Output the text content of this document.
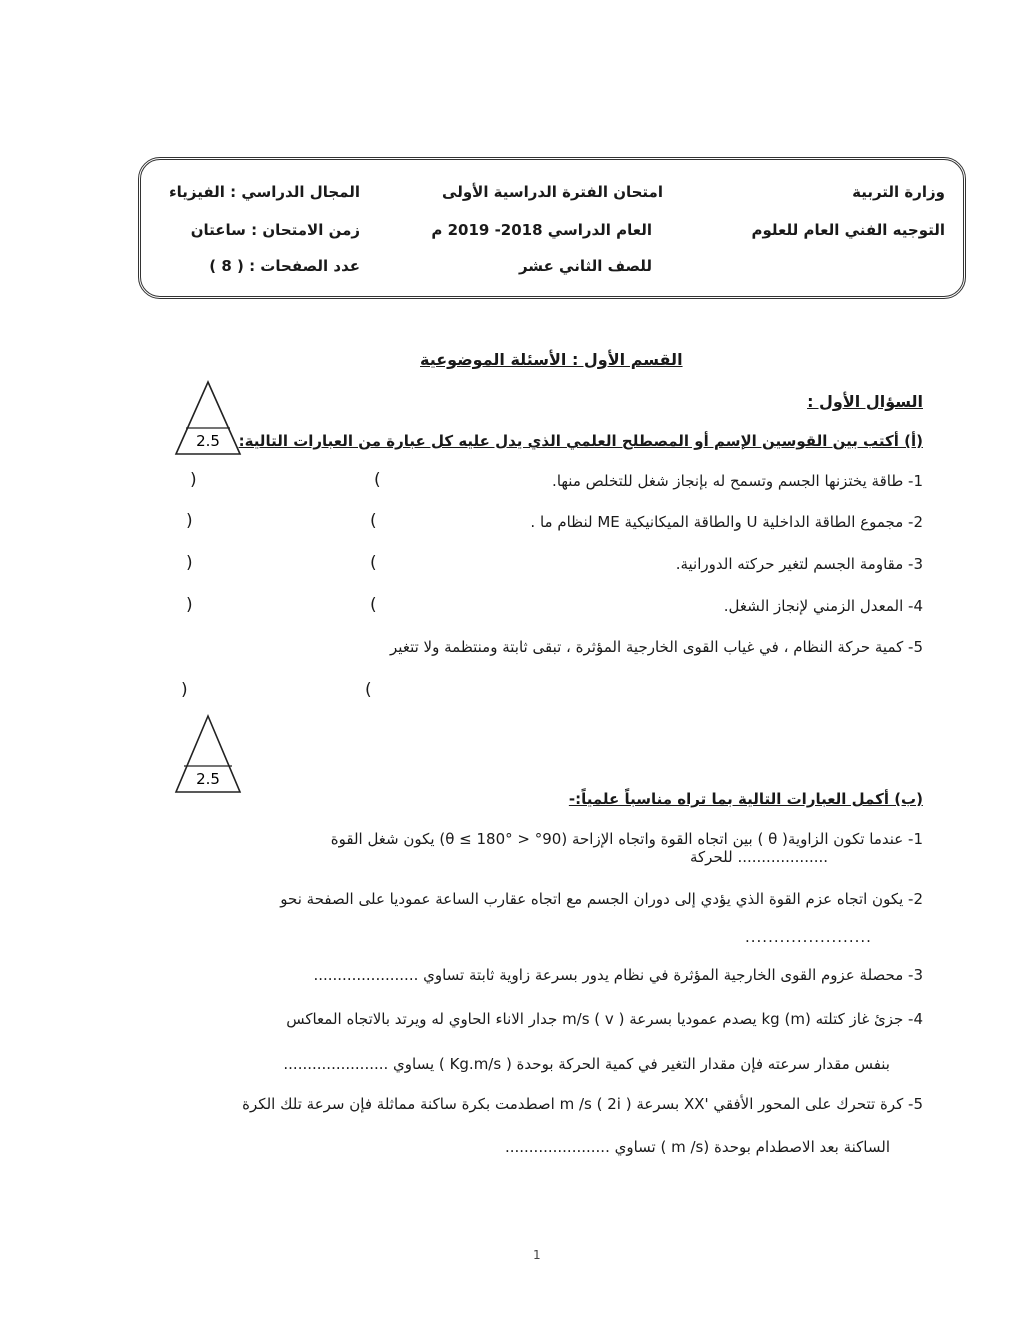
وزارة التربية
التوجيه الفني العام للعلوم
امتحان الفترة الدراسية الأولى
العام الدراسي 2018- 2019 م
للصف الثاني عشر
المجال الدراسي : الفيزياء
زمن الامتحان : ساعتان
عدد الصفحات : ( 8 )
القسم الأول : الأسئلة الموضوعية
السؤال الأول :
2.5 (أ) أكتب بين القوسين الإسم أو المصطلح العلمي الذي يدل عليه كل عبارة من العبارات التالية:
1- طاقة يختزنها الجسم وتسمح له بإنجاز شغل للتخلص منها.
(
)
2- مجموع الطاقة الداخلية U والطاقة الميكانيكية ME لنظام ما .
(
)
3- مقاومة الجسم لتغير حركته الدورانية.
(
)
4- المعدل الزمني لإنجاز الشغل.
(
)
5- كمية حركة النظام ، في غياب القوى الخارجية المؤثرة ، تبقى ثابتة ومنتظمة ولا تتغير
(
)
2.5
(ب) أكمل العبارات التالية بما تراه مناسباً علمياً:-
1- عندما تكون الزاوية( θ ) بين اتجاه القوة واتجاه الإزاحة (90° < θ ≤ 180°) يكون شغل القوة
................... للحركة
2- يكون اتجاه عزم القوة الذي يؤدي إلى دوران الجسم مع اتجاه عقارب الساعة عموديا على الصفحة نحو
......................
3- محصلة عزوم القوى الخارجية المؤثرة في نظام يدور بسرعة زاوية ثابتة تساوي ......................
4- جزئ غاز كتلته (m) kg يصدم عموديا بسرعة m/s ( v ) جدار الاناء الحاوي له ويرتد بالاتجاه المعاكس
بنفس مقدار سرعته فإن مقدار التغير في كمية الحركة بوحدة ( Kg.m/s ) يساوي ......................
5- كرة تتحرك على المحور الأفقي 'XX بسرعة m /s ( 2i ) اصطدمت بكرة ساكنة مماثلة فإن سرعة تلك الكرة
الساكنة بعد الاصطدام بوحدة (m /s ) تساوي ......................
1
